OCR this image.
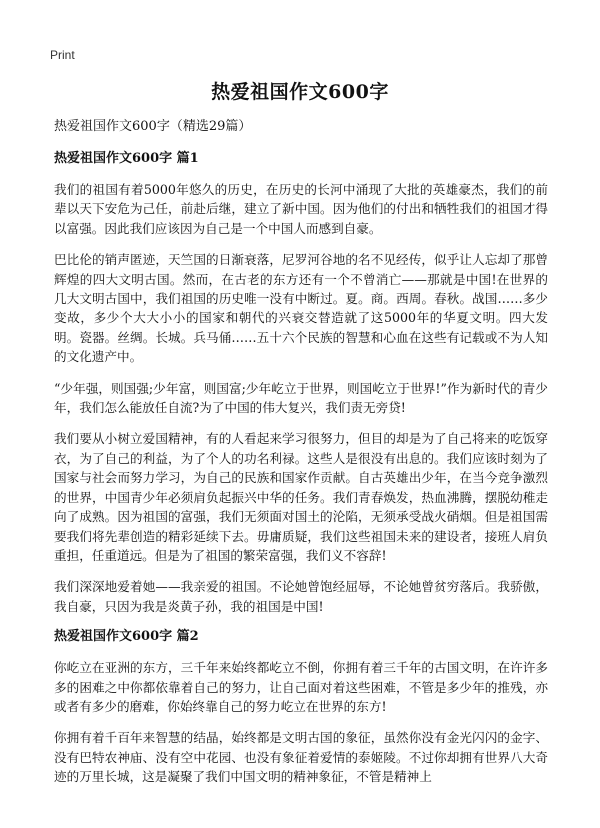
Print
热爱祖国作文600字
热爱祖国作文600字（精选29篇）
热爱祖国作文600字 篇1

我们的祖国有着5000年悠久的历史，在历史的长河中涌现了大批的英雄豪杰，我们的前辈以天下安危为己任，前赴后继，建立了新中国。因为他们的付出和牺牲我们的祖国才得以富强。因此我们应该因为自己是一个中国人而感到自豪。

巴比伦的销声匿迹，天竺国的日渐衰落，尼罗河谷地的名不见经传，似乎让人忘却了那曾辉煌的四大文明古国。然而，在古老的东方还有一个不曾消亡——那就是中国!在世界的几大文明古国中，我们祖国的历史唯一没有中断过。夏。商。西周。春秋。战国……多少变故，多少个大大小小的国家和朝代的兴衰交替造就了这5000年的华夏文明。四大发明。瓷器。丝绸。长城。兵马俑……五十六个民族的智慧和心血在这些有记载或不为人知的文化遗产中。

“少年强，则国强;少年富，则国富;少年屹立于世界，则国屹立于世界!”作为新时代的青少年，我们怎么能放任自流?为了中国的伟大复兴，我们责无旁贷!

我们要从小树立爱国精神，有的人看起来学习很努力，但目的却是为了自己将来的吃饭穿衣，为了自己的利益，为了个人的功名利禄。这些人是很没有出息的。我们应该时刻为了国家与社会而努力学习，为自己的民族和国家作贡献。自古英雄出少年，在当今竞争激烈的世界，中国青少年必须肩负起振兴中华的任务。我们青春焕发，热血沸腾，摆脱幼稚走向了成熟。因为祖国的富强，我们无须面对国土的沦陷，无须承受战火硝烟。但是祖国需要我们将先辈创造的精彩延续下去。毋庸质疑，我们这些祖国未来的建设者，接班人肩负重担，任重道远。但是为了祖国的繁荣富强，我们义不容辞!

我们深深地爱着她——我亲爱的祖国。不论她曾饱经屈辱，不论她曾贫穷落后。我骄傲，我自豪，只因为我是炎黄子孙，我的祖国是中国!

热爱祖国作文600字 篇2

你屹立在亚洲的东方，三千年来始终都屹立不倒，你拥有着三千年的古国文明，在许许多多的困难之中你都依靠着自己的努力，让自己面对着这些困难，不管是多少年的推残，亦或者有多少的磨难，你始终靠自己的努力屹立在世界的东方!

你拥有着千百年来智慧的结晶，始终都是文明古国的象征，虽然你没有金光闪闪的金字、没有巴特农神庙、没有空中花园、也没有象征着爱情的泰姬陵。不过你却拥有世界八大奇迹的万里长城，这是凝聚了我们中国文明的精神象征，不管是精神上
